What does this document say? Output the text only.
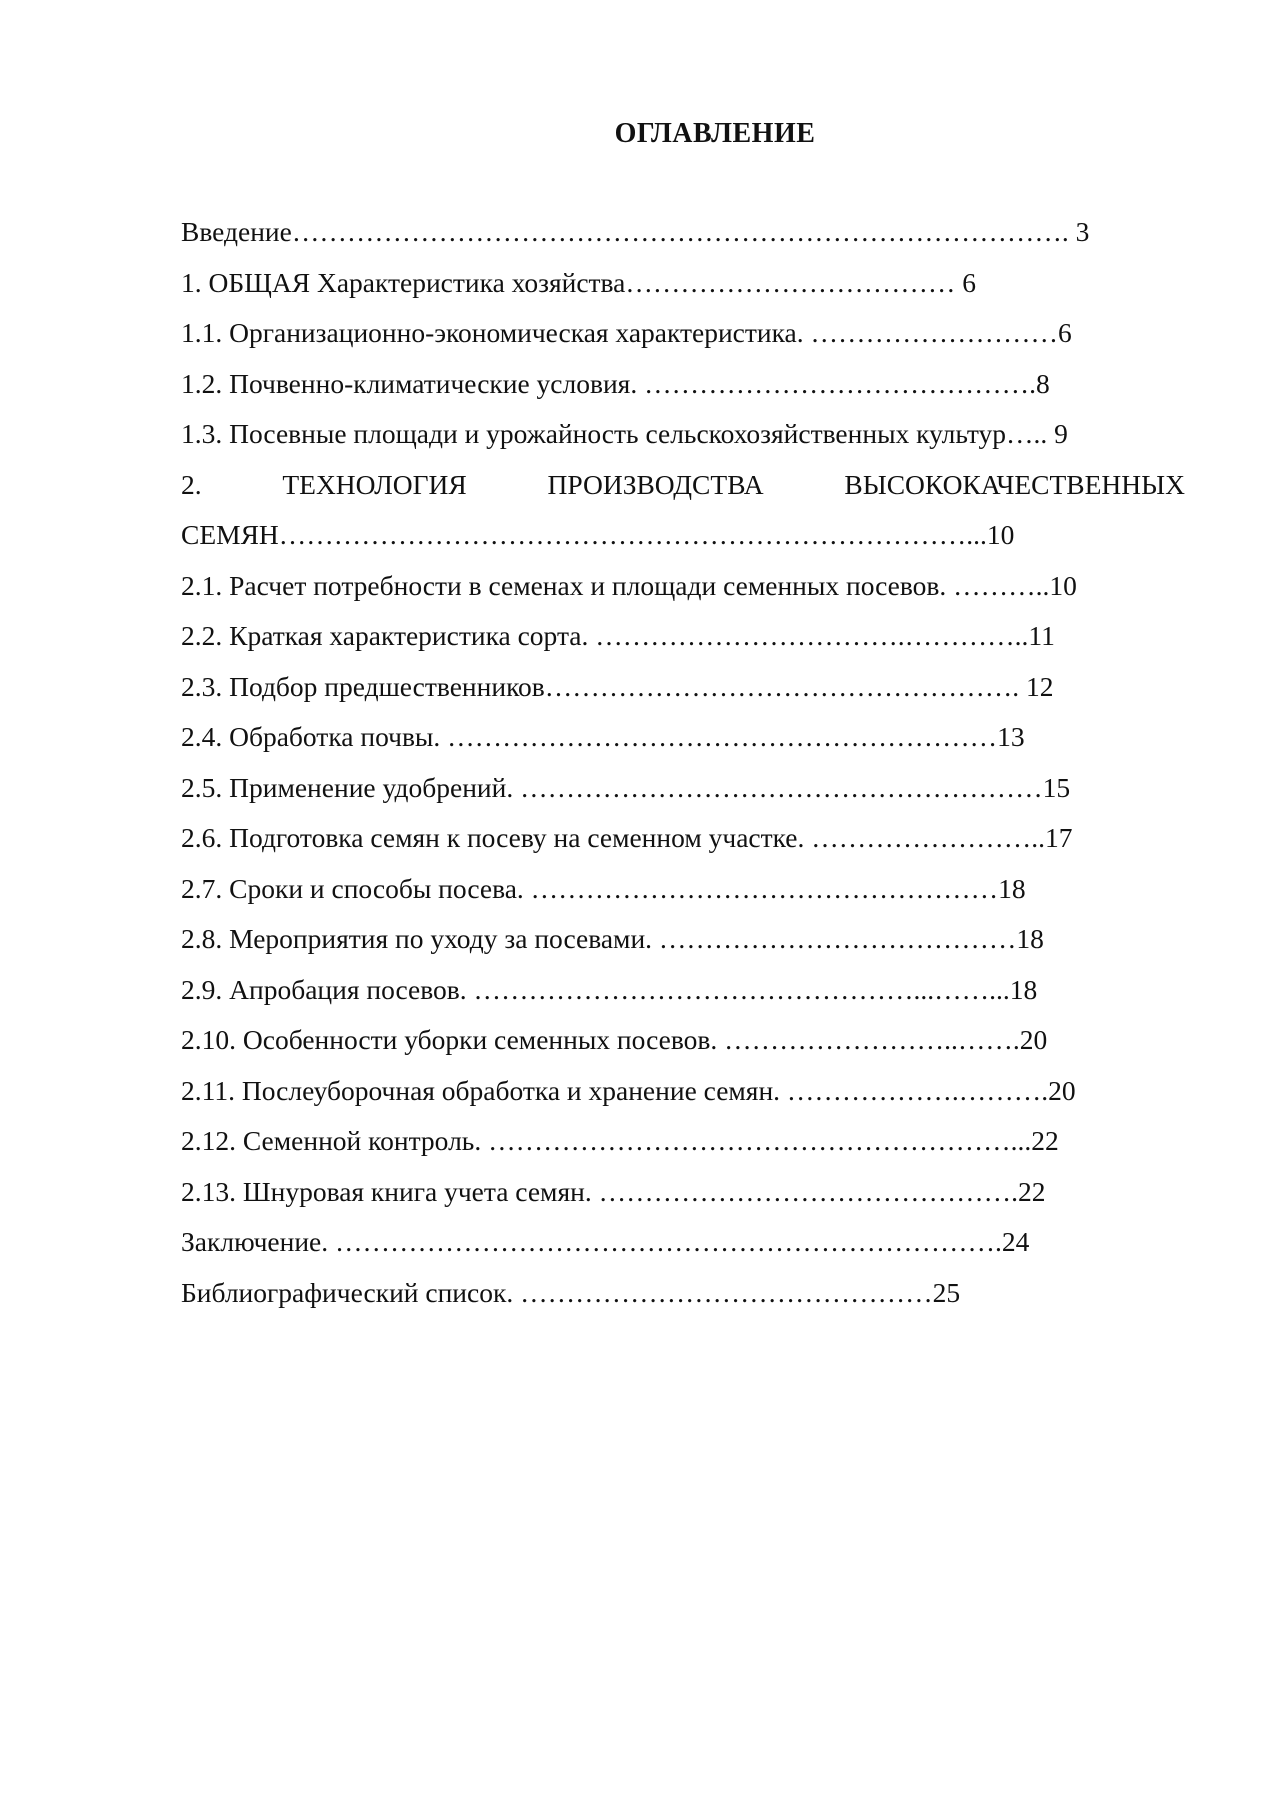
ОГЛАВЛЕНИЕ
Введение…………………………………………………………………………. 3
1. ОБЩАЯ Характеристика хозяйства……………………………… 6
1.1. Организационно-экономическая характеристика. ………………………6
1.2. Почвенно-климатические условия. …………………………………….8
1.3. Посевные площади и урожайность сельскохозяйственных культур….. 9
2.	ТЕХНОЛОГИЯ	ПРОИЗВОДСТВА	ВЫСОКОКАЧЕСТВЕННЫХ
СЕМЯН…………………………………………………………………...10
2.1. Расчет потребности в семенах и площади семенных посевов. ………..10
2.2. Краткая характеристика сорта. …………………………….…………..11
2.3. Подбор предшественников……………………………………………. 12
2.4. Обработка почвы. ……………………………………………………13
2.5. Применение удобрений. …………………………………………………15
2.6. Подготовка семян к посеву на семенном участке. ……………………..17
2.7. Сроки и способы посева. ……………………………………………18
2.8. Мероприятия по уходу за посевами. …………………………………18
2.9. Апробация посевов. …………………………………………...……...18
2.10. Особенности уборки семенных посевов. ……………………..…….20
2.11. Послеуборочная обработка и хранение семян. ……………….……….20
2.12. Семенной контроль. …………………………………………………...22
2.13. Шнуровая книга учета семян. ……………………………………….22
Заключение. ……………………………………………………………….24
Библиографический список. ………………………………………25
